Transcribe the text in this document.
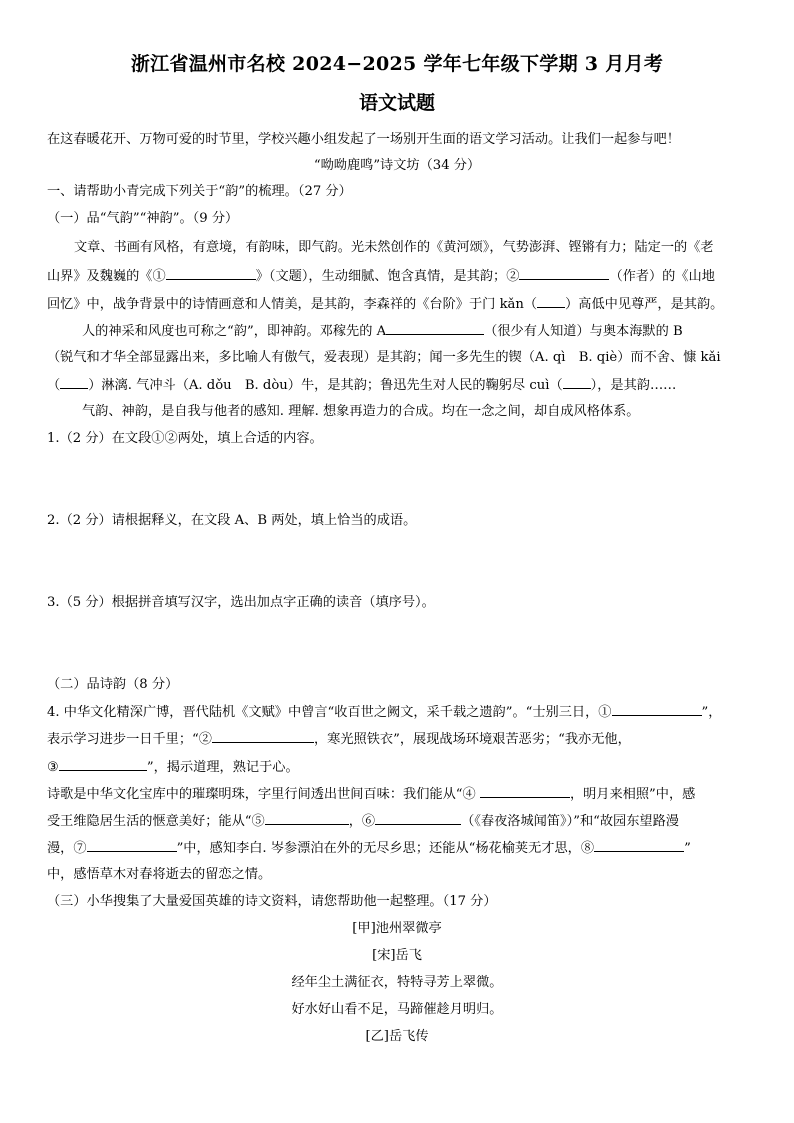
浙江省温州市名校 2024−2025 学年七年级下学期 3 月月考
语文试题
在这春暖花开、万物可爱的时节里，学校兴趣小组发起了一场别开生面的语文学习活动。让我们一起参与吧！
“呦呦鹿鸣”诗文坊（34 分）
一、请帮助小青完成下列关于“韵”的梳理。（27 分）
（一）品“气韵”“神韵”。（9 分）
文章、书画有风格，有意境，有韵味，即气韵。光未然创作的《黄河颂》，气势澎湃、铿锵有力；陆定一的《老
山界》及魏巍的《①	》（文题），生动细腻、饱含真情，是其韵；②	（作者）的《山地
回忆》中，战争背景中的诗情画意和人情美，是其韵，李森祥的《台阶》于门 kǎn（ ）高低中见尊严，是其韵。
人的神采和风度也可称之“韵”，即神韵。邓稼先的 A	（很少有人知道）与奥本海默的 B
（锐气和才华全部显露出来，多比喻人有傲气，爱表现）是其韵；闻一多先生的锲（A. qì　B. qiè）而不舍、慷 kǎi
（ ）淋漓. 气冲斗（A. dǒu　B. dòu）牛，是其韵；鲁迅先生对人民的鞠躬尽 cuì（ ），是其韵……
气韵、神韵，是自我与他者的感知. 理解. 想象再造力的合成。均在一念之间，却自成风格体系。
1.（2 分）在文段①②两处，填上合适的内容。
2.（2 分）请根据释义，在文段 A、B 两处，填上恰当的成语。
3.（5 分）根据拼音填写汉字，选出加点字正确的读音（填序号）。
（二）品诗韵（8 分）
4. 中华文化精深广博，晋代陆机《文赋》中曾言“收百世之阙文，采千载之遗韵”。“士别三日，①	”，
表示学习进步一日千里；“②	，寒光照铁衣”，展现战场环境艰苦恶劣；“我亦无他，
③	”，揭示道理，熟记于心。
诗歌是中华文化宝库中的璀璨明珠，字里行间透出世间百味：我们能从“④	，明月来相照”中，感
受王维隐居生活的惬意美好；能从“⑤	，⑥	（《春夜洛城闻笛》）”和“故园东望路漫
漫，⑦	”中，感知李白. 岑参漂泊在外的无尽乡思；还能从“杨花榆荚无才思，⑧	”
中，感悟草木对春将逝去的留恋之情。
（三）小华搜集了大量爱国英雄的诗文资料，请您帮助他一起整理。（17 分）
[甲]池州翠微亭
[宋]岳飞
经年尘土满征衣，特特寻芳上翠微。
好水好山看不足，马蹄催趁月明归。
[乙]岳飞传
